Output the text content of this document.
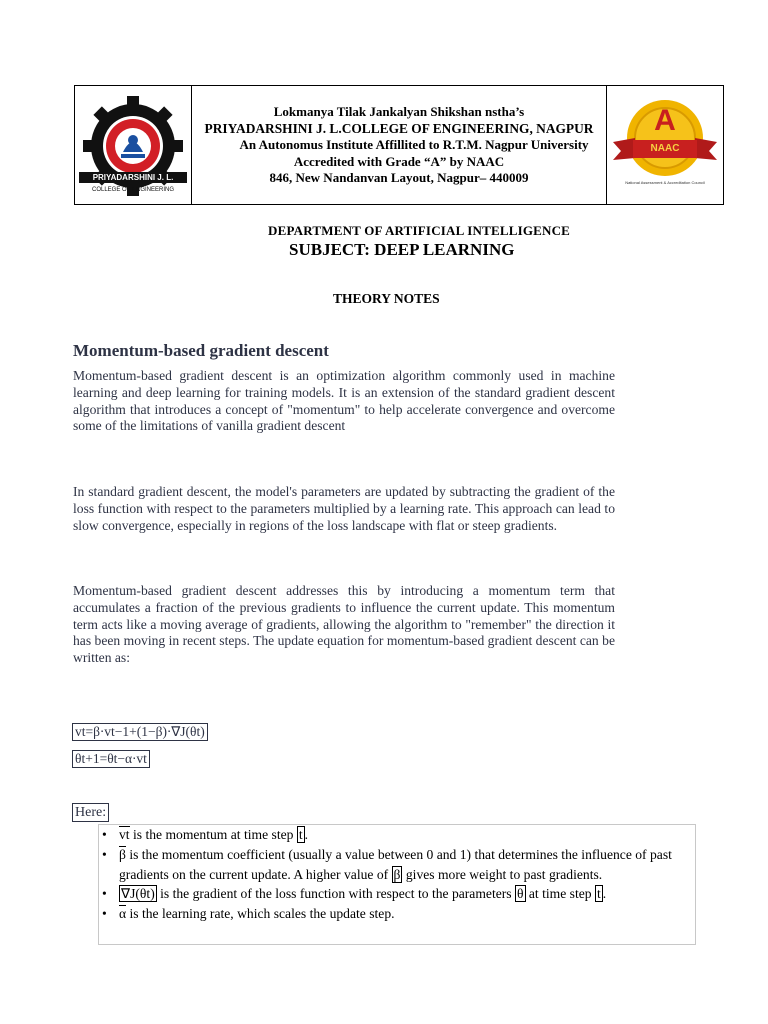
PRIYADARSHINI J. L.
COLLEGE OF ENGINEERING
Lokmanya Tilak Jankalyan Shikshan nstha’s
PRIYADARSHINI J. L.COLLEGE OF ENGINEERING, NAGPUR
An Autonomus Institute Affillited to R.T.M. Nagpur University
Accredited with Grade “A” by NAAC
846, New Nandanvan Layout, Nagpur– 440009
A
NAAC
National Assessment & Accreditation Council
DEPARTMENT OF ARTIFICIAL INTELLIGENCE
SUBJECT: DEEP LEARNING
THEORY NOTES
Momentum-based gradient descent
Momentum-based gradient descent is an optimization algorithm commonly used in machine learning and deep learning for training models. It is an extension of the standard gradient descent algorithm that introduces a concept of "momentum" to help accelerate convergence and overcome some of the limitations of vanilla gradient descent
In standard gradient descent, the model's parameters are updated by subtracting the gradient of the loss function with respect to the parameters multiplied by a learning rate. This approach can lead to slow convergence, especially in regions of the loss landscape with flat or steep gradients.
Momentum-based gradient descent addresses this by introducing a momentum term that accumulates a fraction of the previous gradients to influence the current update. This momentum term acts like a moving average of gradients, allowing the algorithm to "remember" the direction it has been moving in recent steps. The update equation for momentum-based gradient descent can be written as:
vt=β⋅vt−1+(1−β)⋅∇J(θt)
θt+1=θt−α⋅vt
Here:
• vt is the momentum at time step t .
• β is the momentum coefficient (usually a value between 0 and 1) that determines the influence of past gradients on the current update. A higher value of β gives more weight to past gradients.
• ∇J(θt) is the gradient of the loss function with respect to the parameters θ at time step t .
• α is the learning rate, which scales the update step.
